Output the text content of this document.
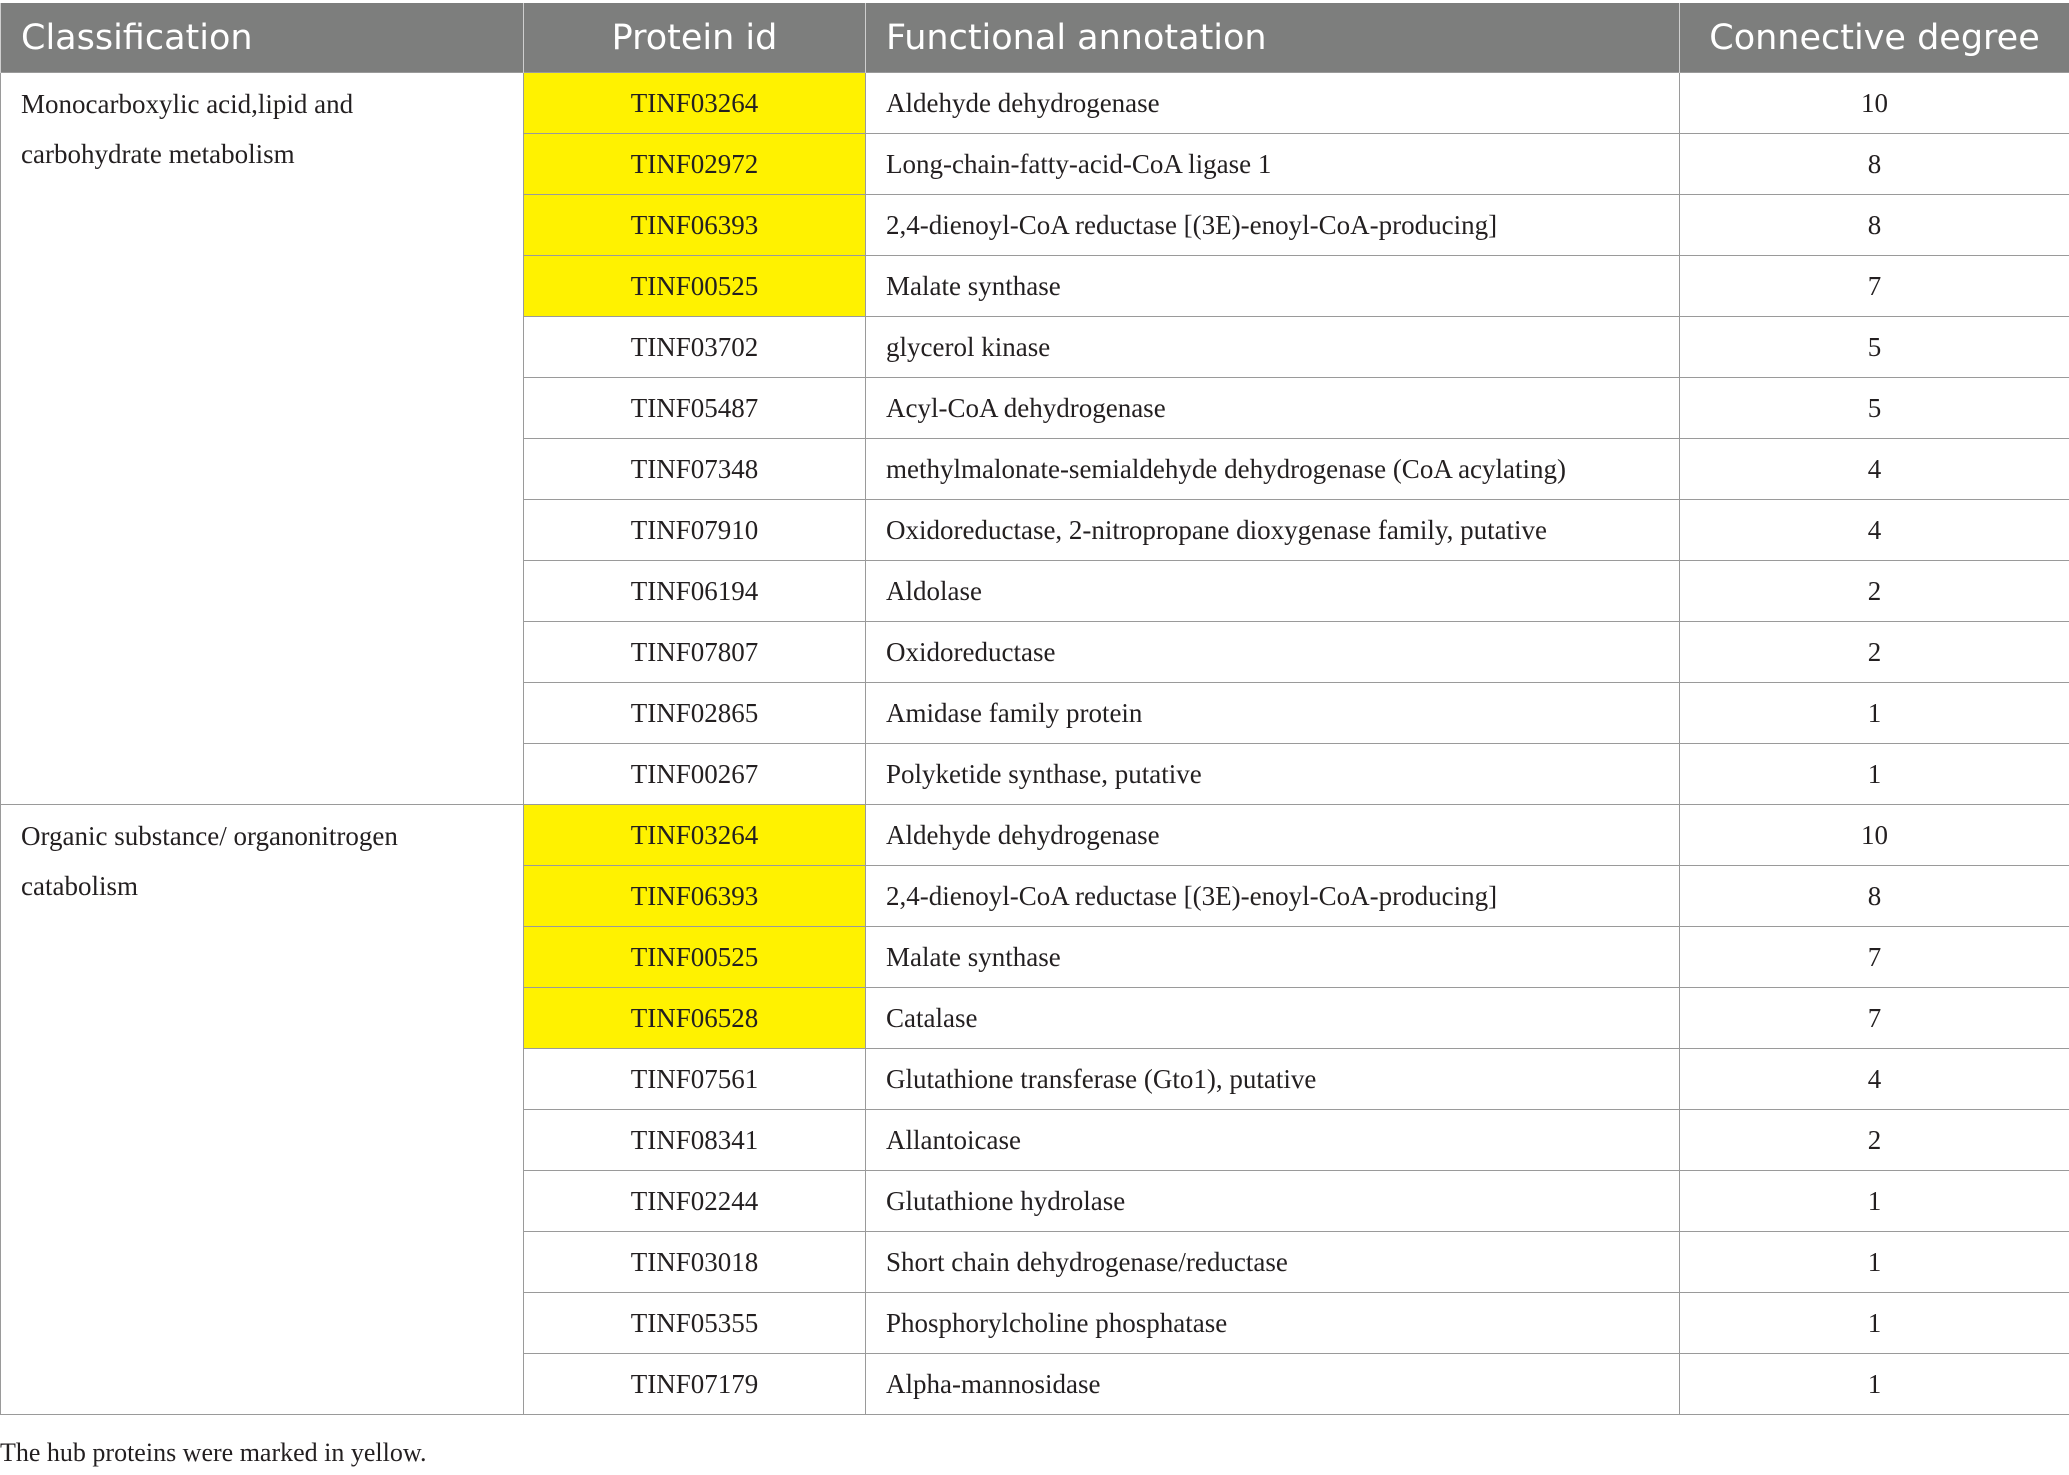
Classification	Protein id	Functional annotation	Connective degree

Monocarboxylic acid,lipid and
carbohydrate metabolism	TINF03264	Aldehyde dehydrogenase	10
	TINF02972	Long-chain-fatty-acid-CoA ligase 1	8
	TINF06393	2,4-dienoyl-CoA reductase [(3E)-enoyl-CoA-producing]	8
	TINF00525	Malate synthase	7
	TINF03702	glycerol kinase	5
	TINF05487	Acyl-CoA dehydrogenase	5
	TINF07348	methylmalonate-semialdehyde dehydrogenase (CoA acylating)	4
	TINF07910	Oxidoreductase, 2-nitropropane dioxygenase family, putative	4
	TINF06194	Aldolase	2
	TINF07807	Oxidoreductase	2
	TINF02865	Amidase family protein	1
	TINF00267	Polyketide synthase, putative	1

Organic substance/ organonitrogen
catabolism	TINF03264	Aldehyde dehydrogenase	10
	TINF06393	2,4-dienoyl-CoA reductase [(3E)-enoyl-CoA-producing]	8
	TINF00525	Malate synthase	7
	TINF06528	Catalase	7
	TINF07561	Glutathione transferase (Gto1), putative	4
	TINF08341	Allantoicase	2
	TINF02244	Glutathione hydrolase	1
	TINF03018	Short chain dehydrogenase/reductase	1
	TINF05355	Phosphorylcholine phosphatase	1
	TINF07179	Alpha-mannosidase	1
The hub proteins were marked in yellow.
